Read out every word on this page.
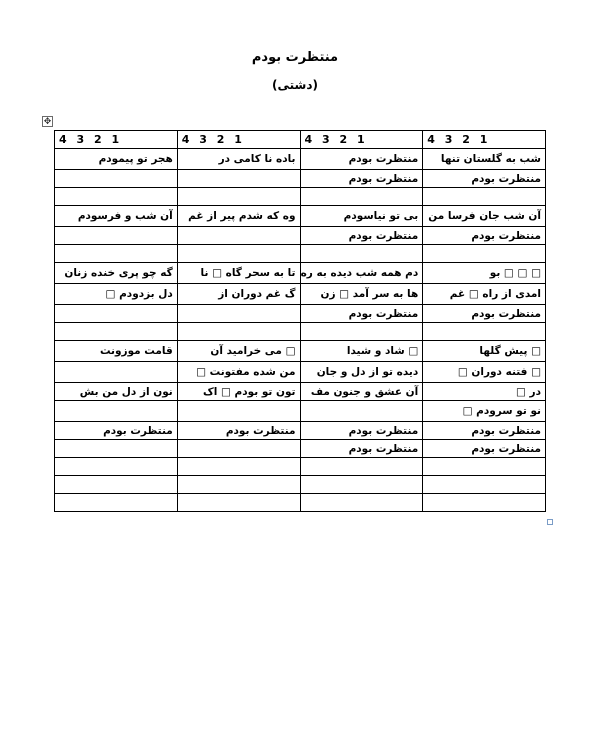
منتظرت بودم
(دشتی)
✥
4 3 2 1	4 3 2 1	4 3 2 1	4 3 2 1
شب به گلستان تنها	منتظرت بودم	باده نا کامی در	هجر تو پیمودم
منتظرت بودم	منتظرت بودم		

آن شب جان فرسا من	بی تو نیاسودم	وه که شدم پیر از غم	آن شب و فرسودم
منتظرت بودم	منتظرت بودم		

□ □ □ بو	دم همه شب دیده به ره	تا به سحر گاه □ نا	گه چو پری خنده زنان
امدی از راه □ غم	ها به سر آمد □ زن	گ غم دوران از	دل بزدودم □
منتظرت بودم	منتظرت بودم		

□ پیش گلها	□ شاد و شیدا	□ می خرامید آن	قامت موزونت
□ فتنه دوران □	دیده تو از دل و جان	من شده مفتونت □	
در □	آن عشق و جنون مف	تون تو بودم □ اک	نون از دل من بش
نو تو سرودم □			
منتظرت بودم	منتظرت بودم	منتظرت بودم	منتظرت بودم
منتظرت بودم	منتظرت بودم		
